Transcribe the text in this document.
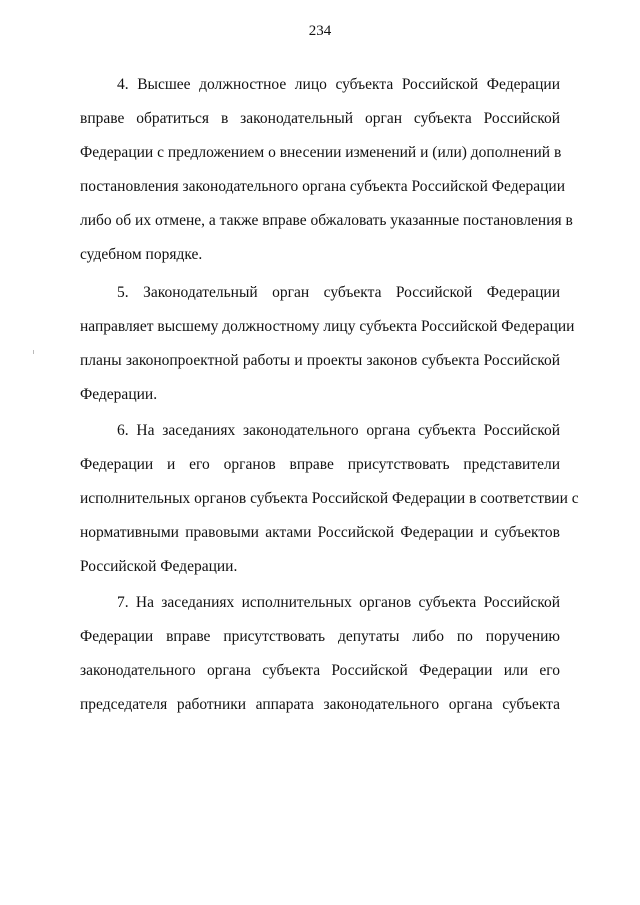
234
4. Высшее должностное лицо субъекта Российской Федерации
вправе обратиться в законодательный орган субъекта Российской
Федерации с предложением о внесении изменений и (или) дополнений в
постановления законодательного органа субъекта Российской Федерации
либо об их отмене, а также вправе обжаловать указанные постановления в
судебном порядке.
5. Законодательный орган субъекта Российской Федерации
направляет высшему должностному лицу субъекта Российской Федерации
планы законопроектной работы и проекты законов субъекта Российской
Федерации.
6. На заседаниях законодательного органа субъекта Российской
Федерации и его органов вправе присутствовать представители
исполнительных органов субъекта Российской Федерации в соответствии с
нормативными правовыми актами Российской Федерации и субъектов
Российской Федерации.
7. На заседаниях исполнительных органов субъекта Российской
Федерации вправе присутствовать депутаты либо по поручению
законодательного органа субъекта Российской Федерации или его
председателя работники аппарата законодательного органа субъекта
